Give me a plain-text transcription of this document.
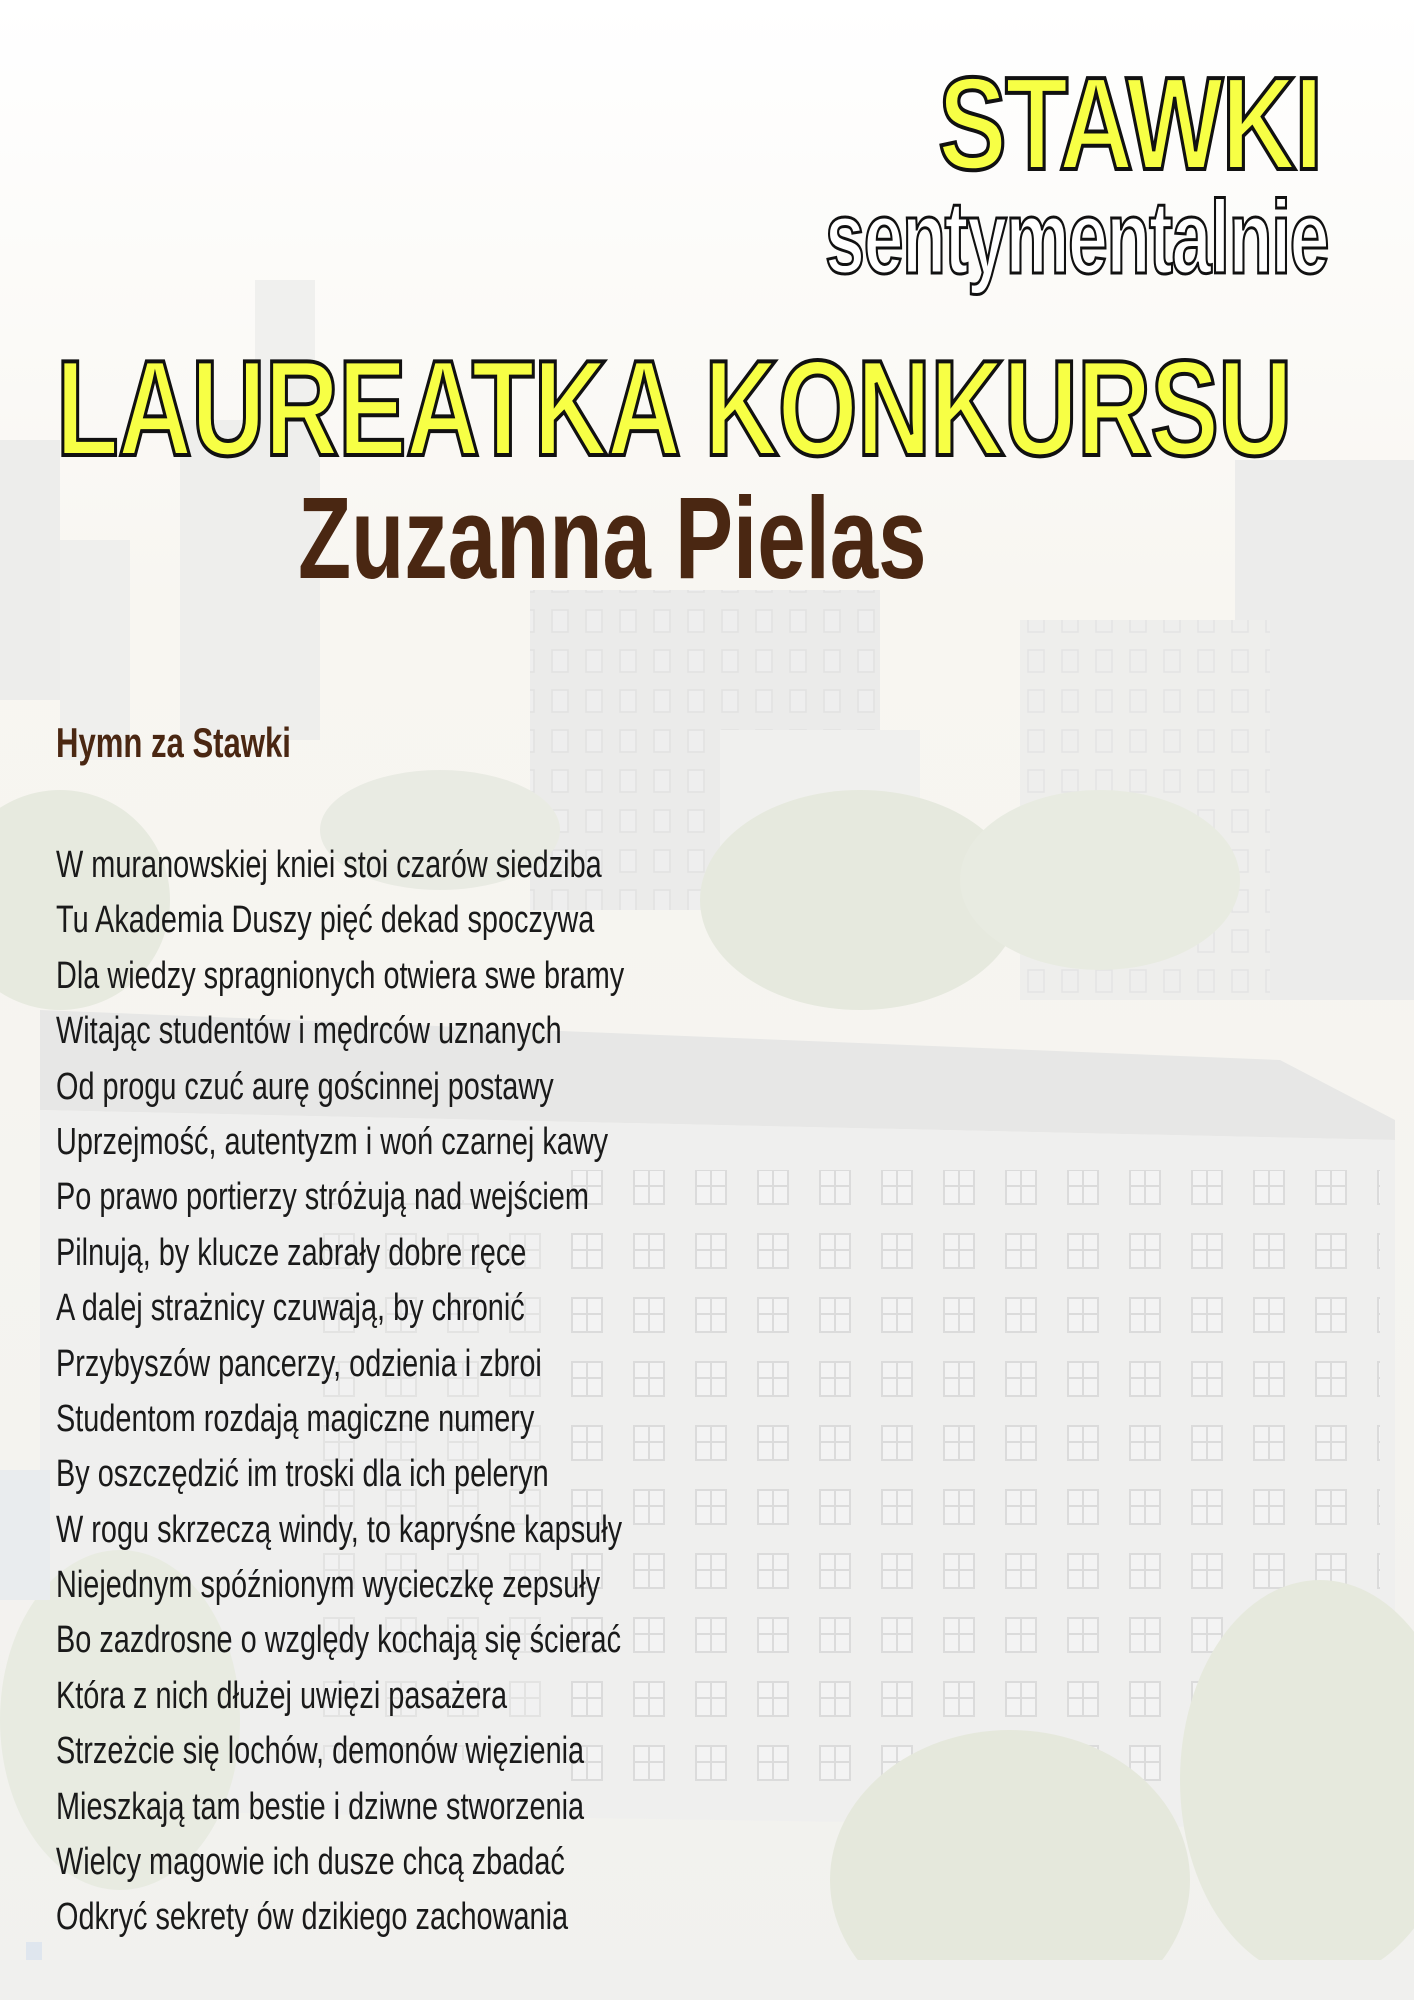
STAWKI
sentymentalnie
LAUREATKA KONKURSU
Zuzanna Pielas
Hymn za Stawki
W muranowskiej kniei stoi czarów siedziba
Tu Akademia Duszy pięć dekad spoczywa
Dla wiedzy spragnionych otwiera swe bramy
Witając studentów i mędrców uznanych
Od progu czuć aurę gościnnej postawy
Uprzejmość, autentyzm i woń czarnej kawy
Po prawo portierzy stróżują nad wejściem
Pilnują, by klucze zabrały dobre ręce
A dalej strażnicy czuwają, by chronić
Przybyszów pancerzy, odzienia i zbroi
Studentom rozdają magiczne numery
By oszczędzić im troski dla ich peleryn
W rogu skrzeczą windy, to kapryśne kapsuły
Niejednym spóźnionym wycieczkę zepsuły
Bo zazdrosne o względy kochają się ścierać
Która z nich dłużej uwięzi pasażera
Strzeżcie się lochów, demonów więzienia
Mieszkają tam bestie i dziwne stworzenia
Wielcy magowie ich dusze chcą zbadać
Odkryć sekrety ów dzikiego zachowania
